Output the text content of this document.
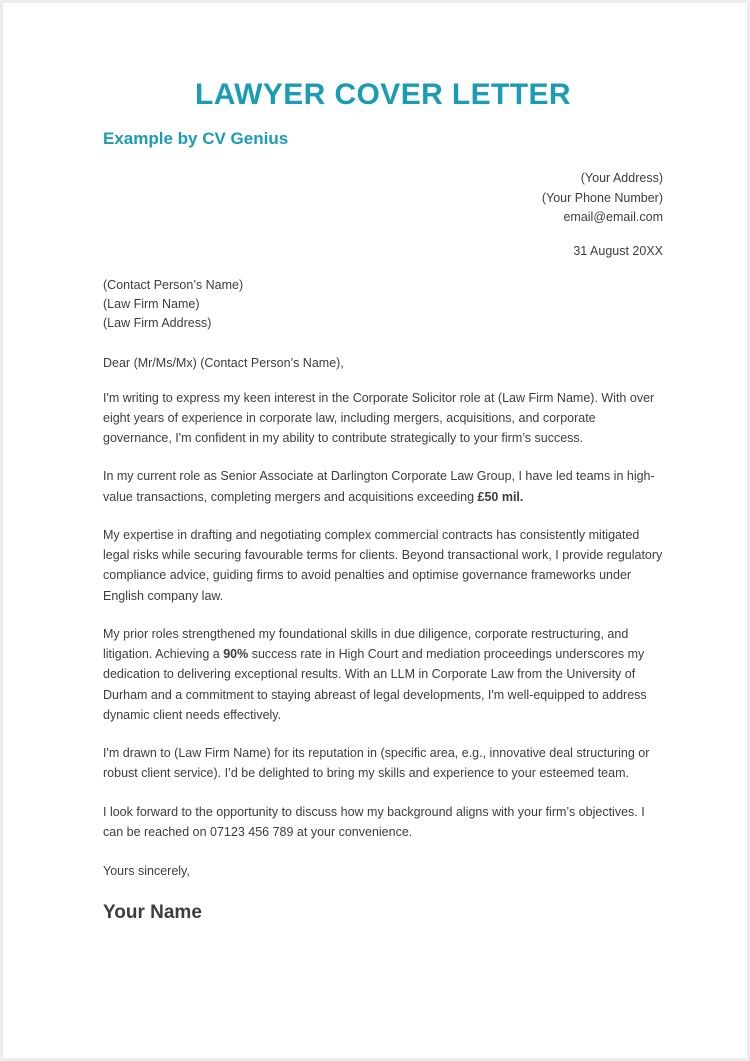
LAWYER COVER LETTER
Example by CV Genius
(Your Address)
(Your Phone Number)
email@email.com
31 August 20XX
(Contact Person’s Name)
(Law Firm Name)
(Law Firm Address)
Dear (Mr/Ms/Mx) (Contact Person’s Name),

I'm writing to express my keen interest in the Corporate Solicitor role at (Law Firm Name). With over eight years of experience in corporate law, including mergers, acquisitions, and corporate governance, I'm confident in my ability to contribute strategically to your firm’s success.

In my current role as Senior Associate at Darlington Corporate Law Group, I have led teams in high-value transactions, completing mergers and acquisitions exceeding £50 mil.

My expertise in drafting and negotiating complex commercial contracts has consistently mitigated legal risks while securing favourable terms for clients. Beyond transactional work, I provide regulatory compliance advice, guiding firms to avoid penalties and optimise governance frameworks under English company law.

My prior roles strengthened my foundational skills in due diligence, corporate restructuring, and litigation. Achieving a 90% success rate in High Court and mediation proceedings underscores my dedication to delivering exceptional results. With an LLM in Corporate Law from the University of Durham and a commitment to staying abreast of legal developments, I'm well-equipped to address dynamic client needs effectively.

I'm drawn to (Law Firm Name) for its reputation in (specific area, e.g., innovative deal structuring or robust client service). I’d be delighted to bring my skills and experience to your esteemed team.

I look forward to the opportunity to discuss how my background aligns with your firm’s objectives. I can be reached on 07123 456 789 at your convenience.

Yours sincerely,
Your Name
